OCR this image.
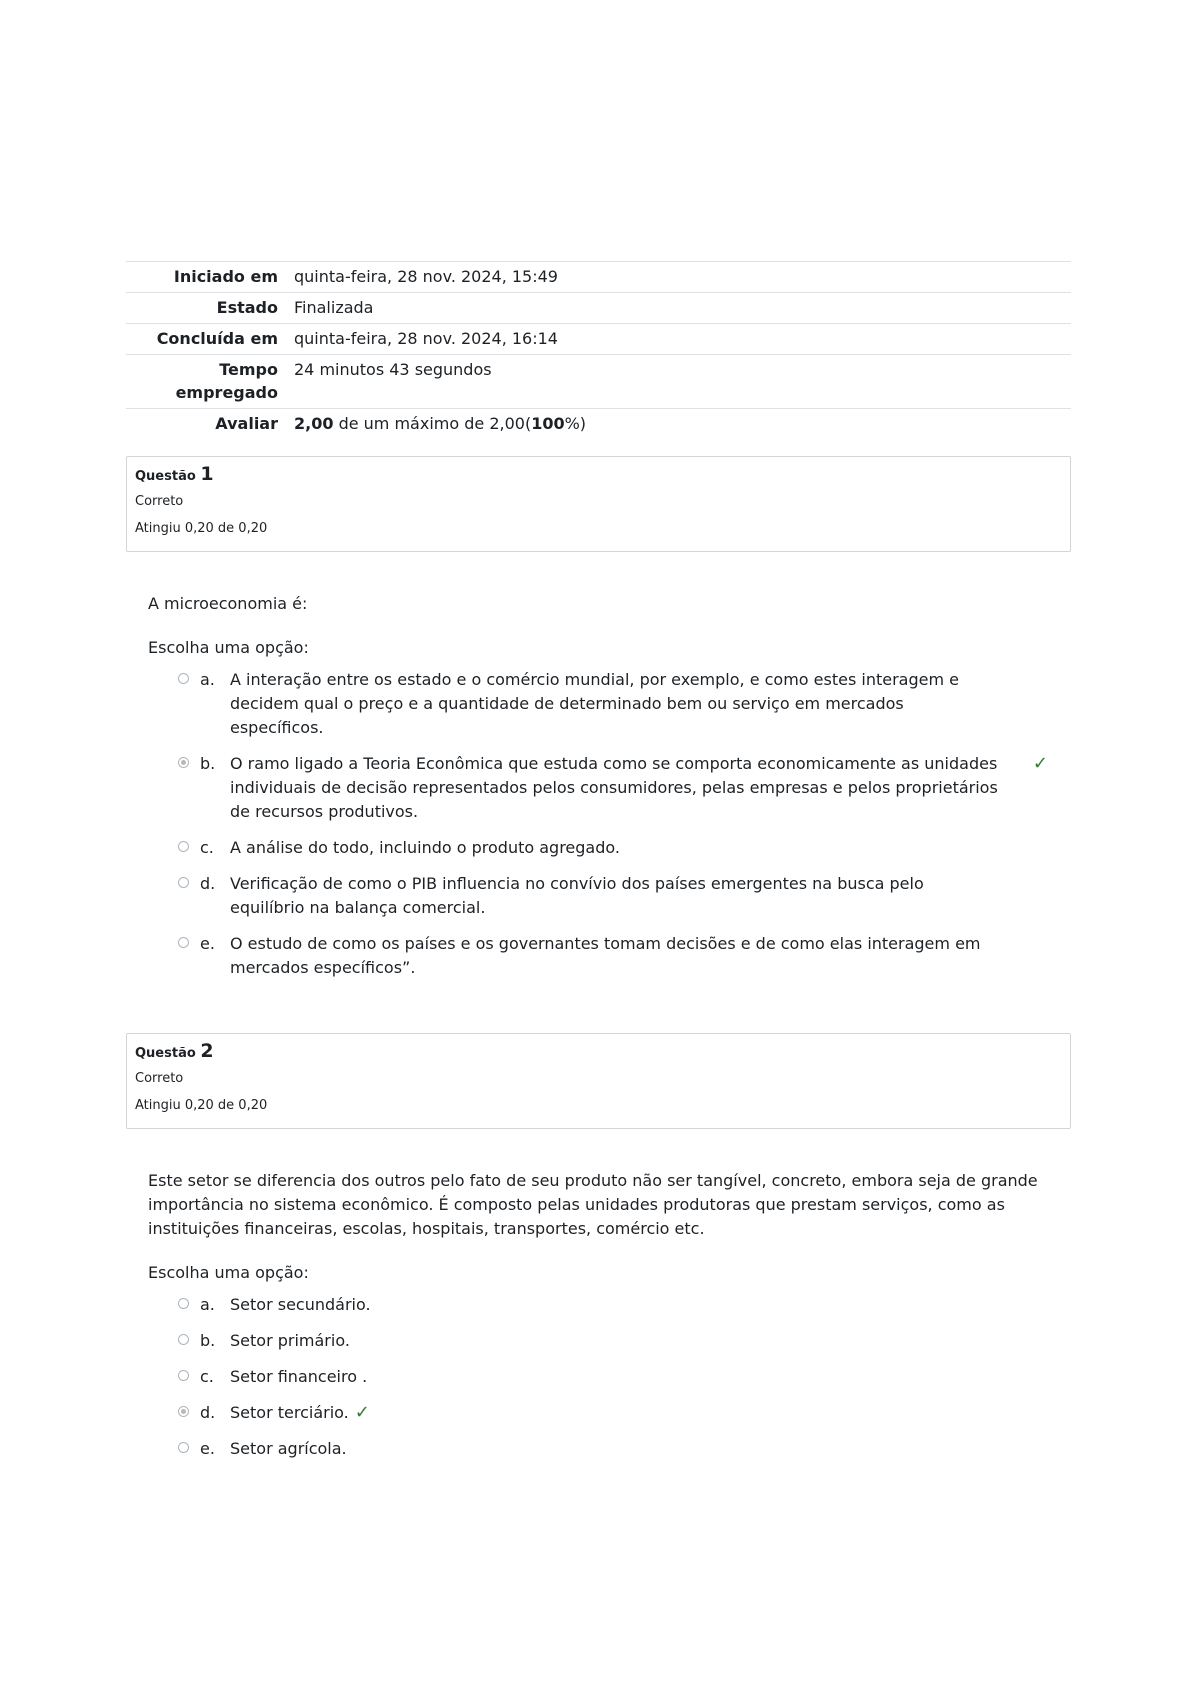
Iniciado em	quinta-feira, 28 nov. 2024, 15:49
Estado	Finalizada
Concluída em	quinta-feira, 28 nov. 2024, 16:14
Tempo empregado	24 minutos 43 segundos
Avaliar	2,00 de um máximo de 2,00(100%)
Questão 1
Correto
Atingiu 0,20 de 0,20
A microeconomia é:
Escolha uma opção:
a. A interação entre os estado e o comércio mundial, por exemplo, e como estes interagem e decidem qual o preço e a quantidade de determinado bem ou serviço em mercados específicos.
b. O ramo ligado a Teoria Econômica que estuda como se comporta economicamente as unidades individuais de decisão representados pelos consumidores, pelas empresas e pelos proprietários de recursos produtivos.
✓
c. A análise do todo, incluindo o produto agregado.
d. Verificação de como o PIB influencia no convívio dos países emergentes na busca pelo equilíbrio na balança comercial.
e. O estudo de como os países e os governantes tomam decisões e de como elas interagem em mercados específicos”.
Questão 2
Correto
Atingiu 0,20 de 0,20
Este setor se diferencia dos outros pelo fato de seu produto não ser tangível, concreto, embora seja de grande importância no sistema econômico. É composto pelas unidades produtoras que prestam serviços, como as instituições financeiras, escolas, hospitais, transportes, comércio etc.
Escolha uma opção:
a. Setor secundário.
b. Setor primário.
c. Setor financeiro .
d. Setor terciário. ✓
e. Setor agrícola.
